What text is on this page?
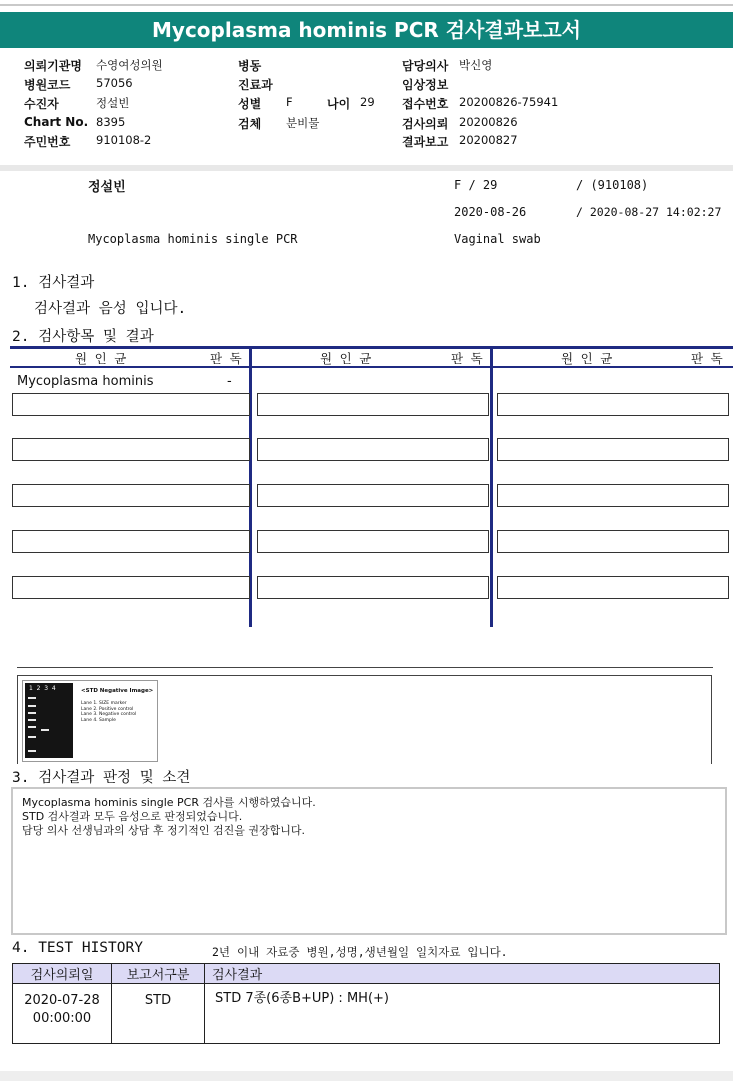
Mycoplasma hominis PCR 검사결과보고서
의뢰기관명 수영여성의원
병원코드 57056
수진자	정설빈
Chart No. 8395
주민번호 910108-2
병동
진료과
성별 F	나이 29
검체 분비물
담당의사 박신영
임상정보
접수번호 20200826-75941
검사의뢰 20200826
결과보고 20200827
정설빈	F / 29	/ (910108)
2020-08-26	/ 2020-08-27 14:02:27
Mycoplasma hominis single PCR	Vaginal swab
1. 검사결과
검사결과 음성 입니다.
2. 검사항목 및 결과
원 인 균	판 독	원 인 균	판 독	원 인 균	판 독
Mycoplasma hominis	-
1  2  3  4	<STD Negative Image>
Lane 1. SIZE marker
Lane 2. Positive control
Lane 3. Negative control
Lane 4. Sample
3. 검사결과 판정 및 소견
Mycoplasma hominis single PCR 검사를 시행하였습니다.
STD 검사결과 모두 음성으로 판정되었습니다.
담당 의사 선생님과의 상담 후 정기적인 검진을 권장합니다.
4. TEST HISTORY	2년 이내 자료중 병원,성명,생년월일 일치자료 입니다.
검사의뢰일	보고서구분	검사결과

2020-07-28
00:00:00	STD	STD 7종(6종B+UP) : MH(+)
